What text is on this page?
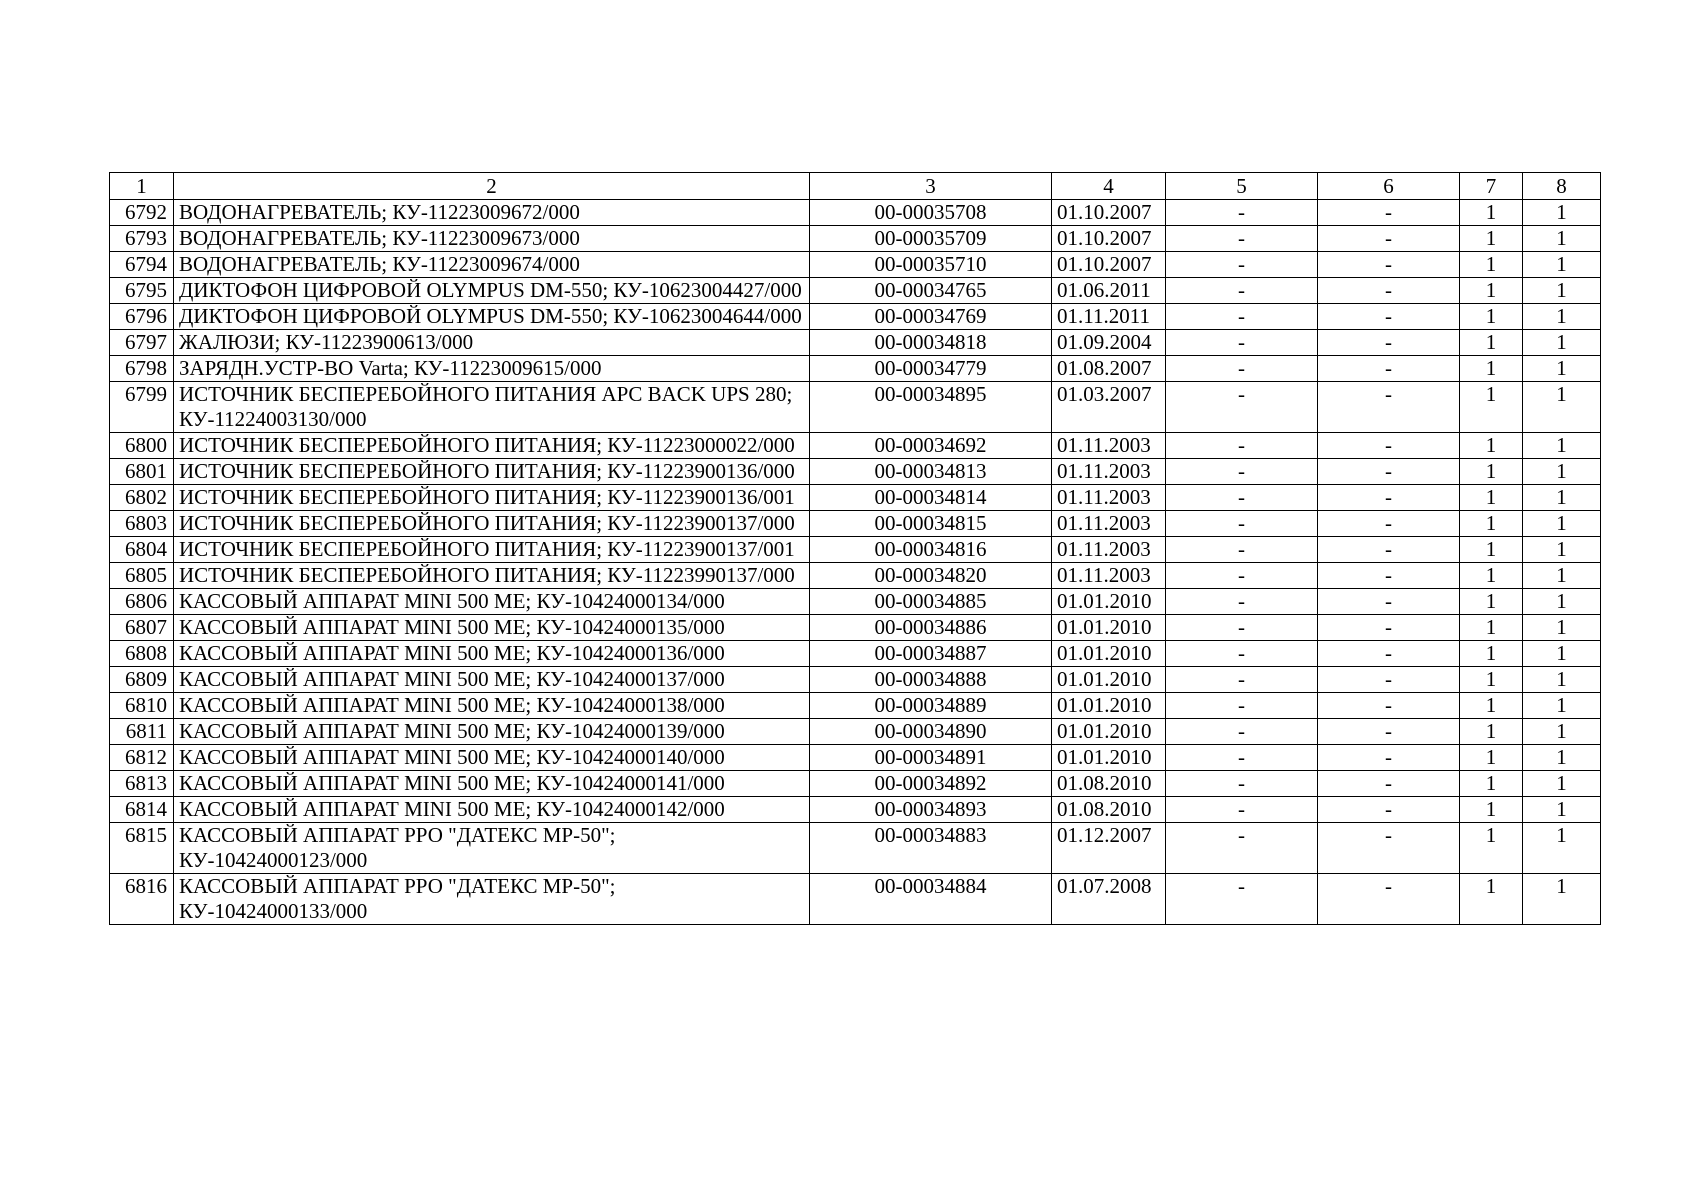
1	2	3	4	5	6	7	8
6792	ВОДОНАГРЕВАТЕЛЬ; КУ-11223009672/000	00-00035708	01.10.2007	-	-	1	1
6793	ВОДОНАГРЕВАТЕЛЬ; КУ-11223009673/000	00-00035709	01.10.2007	-	-	1	1
6794	ВОДОНАГРЕВАТЕЛЬ; КУ-11223009674/000	00-00035710	01.10.2007	-	-	1	1
6795	ДИКТОФОН ЦИФРОВОЙ OLYMPUS DM-550; КУ-10623004427/000	00-00034765	01.06.2011	-	-	1	1
6796	ДИКТОФОН ЦИФРОВОЙ OLYMPUS DM-550; КУ-10623004644/000	00-00034769	01.11.2011	-	-	1	1
6797	ЖАЛЮЗИ; КУ-11223900613/000	00-00034818	01.09.2004	-	-	1	1
6798	ЗАРЯДН.УСТР-ВО Varta; КУ-11223009615/000	00-00034779	01.08.2007	-	-	1	1
6799	ИСТОЧНИК БЕСПЕРЕБОЙНОГО ПИТАНИЯ APC BACK UPS 280; КУ-11224003130/000	00-00034895	01.03.2007	-	-	1	1
6800	ИСТОЧНИК БЕСПЕРЕБОЙНОГО ПИТАНИЯ; КУ-11223000022/000	00-00034692	01.11.2003	-	-	1	1
6801	ИСТОЧНИК БЕСПЕРЕБОЙНОГО ПИТАНИЯ; КУ-11223900136/000	00-00034813	01.11.2003	-	-	1	1
6802	ИСТОЧНИК БЕСПЕРЕБОЙНОГО ПИТАНИЯ; КУ-11223900136/001	00-00034814	01.11.2003	-	-	1	1
6803	ИСТОЧНИК БЕСПЕРЕБОЙНОГО ПИТАНИЯ; КУ-11223900137/000	00-00034815	01.11.2003	-	-	1	1
6804	ИСТОЧНИК БЕСПЕРЕБОЙНОГО ПИТАНИЯ; КУ-11223900137/001	00-00034816	01.11.2003	-	-	1	1
6805	ИСТОЧНИК БЕСПЕРЕБОЙНОГО ПИТАНИЯ; КУ-11223990137/000	00-00034820	01.11.2003	-	-	1	1
6806	КАССОВЫЙ АППАРАТ MINI 500 ME; КУ-10424000134/000	00-00034885	01.01.2010	-	-	1	1
6807	КАССОВЫЙ АППАРАТ MINI 500 ME; КУ-10424000135/000	00-00034886	01.01.2010	-	-	1	1
6808	КАССОВЫЙ АППАРАТ MINI 500 ME; КУ-10424000136/000	00-00034887	01.01.2010	-	-	1	1
6809	КАССОВЫЙ АППАРАТ MINI 500 ME; КУ-10424000137/000	00-00034888	01.01.2010	-	-	1	1
6810	КАССОВЫЙ АППАРАТ MINI 500 ME; КУ-10424000138/000	00-00034889	01.01.2010	-	-	1	1
6811	КАССОВЫЙ АППАРАТ MINI 500 ME; КУ-10424000139/000	00-00034890	01.01.2010	-	-	1	1
6812	КАССОВЫЙ АППАРАТ MINI 500 ME; КУ-10424000140/000	00-00034891	01.01.2010	-	-	1	1
6813	КАССОВЫЙ АППАРАТ MINI 500 ME; КУ-10424000141/000	00-00034892	01.08.2010	-	-	1	1
6814	КАССОВЫЙ АППАРАТ MINI 500 ME; КУ-10424000142/000	00-00034893	01.08.2010	-	-	1	1
6815	КАССОВЫЙ АППАРАТ РРО "ДАТЕКС МР-50"; КУ-10424000123/000	00-00034883	01.12.2007	-	-	1	1
6816	КАССОВЫЙ АППАРАТ РРО "ДАТЕКС МР-50"; КУ-10424000133/000	00-00034884	01.07.2008	-	-	1	1
